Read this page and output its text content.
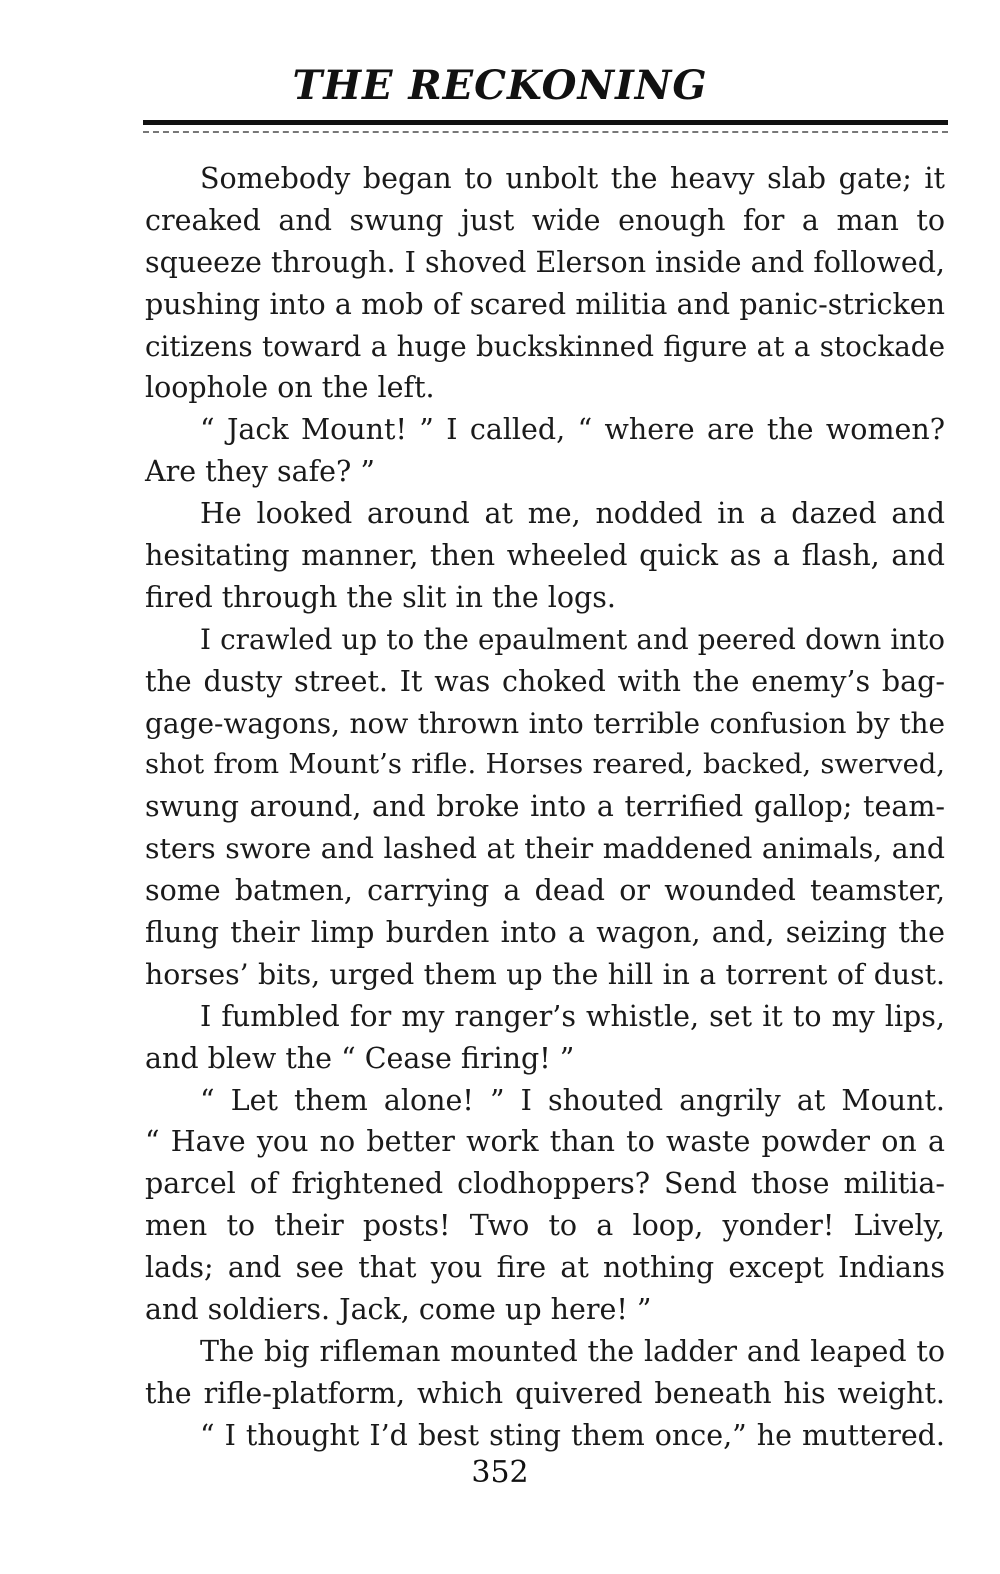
THE RECKONING
Somebody began to unbolt the heavy slab gate; it
creaked and swung just wide enough for a man to
squeeze through. I shoved Elerson inside and followed,
pushing into a mob of scared militia and panic-stricken
citizens toward a huge buckskinned figure at a stockade
loophole on the left.
“ Jack Mount! ” I called, “ where are the women?
Are they safe? ”
He looked around at me, nodded in a dazed and
hesitating manner, then wheeled quick as a flash, and
fired through the slit in the logs.
I crawled up to the epaulment and peered down into
the dusty street. It was choked with the enemy’s bag-
gage-wagons, now thrown into terrible confusion by the
shot from Mount’s rifle. Horses reared, backed, swerved,
swung around, and broke into a terrified gallop; team-
sters swore and lashed at their maddened animals, and
some batmen, carrying a dead or wounded teamster,
flung their limp burden into a wagon, and, seizing the
horses’ bits, urged them up the hill in a torrent of dust.
I fumbled for my ranger’s whistle, set it to my lips,
and blew the “ Cease firing! ”
“ Let them alone! ” I shouted angrily at Mount.
“ Have you no better work than to waste powder on a
parcel of frightened clodhoppers? Send those militia-
men to their posts! Two to a loop, yonder! Lively,
lads; and see that you fire at nothing except Indians
and soldiers. Jack, come up here! ”
The big rifleman mounted the ladder and leaped to
the rifle-platform, which quivered beneath his weight.
“ I thought I’d best sting them once,” he muttered.
352
